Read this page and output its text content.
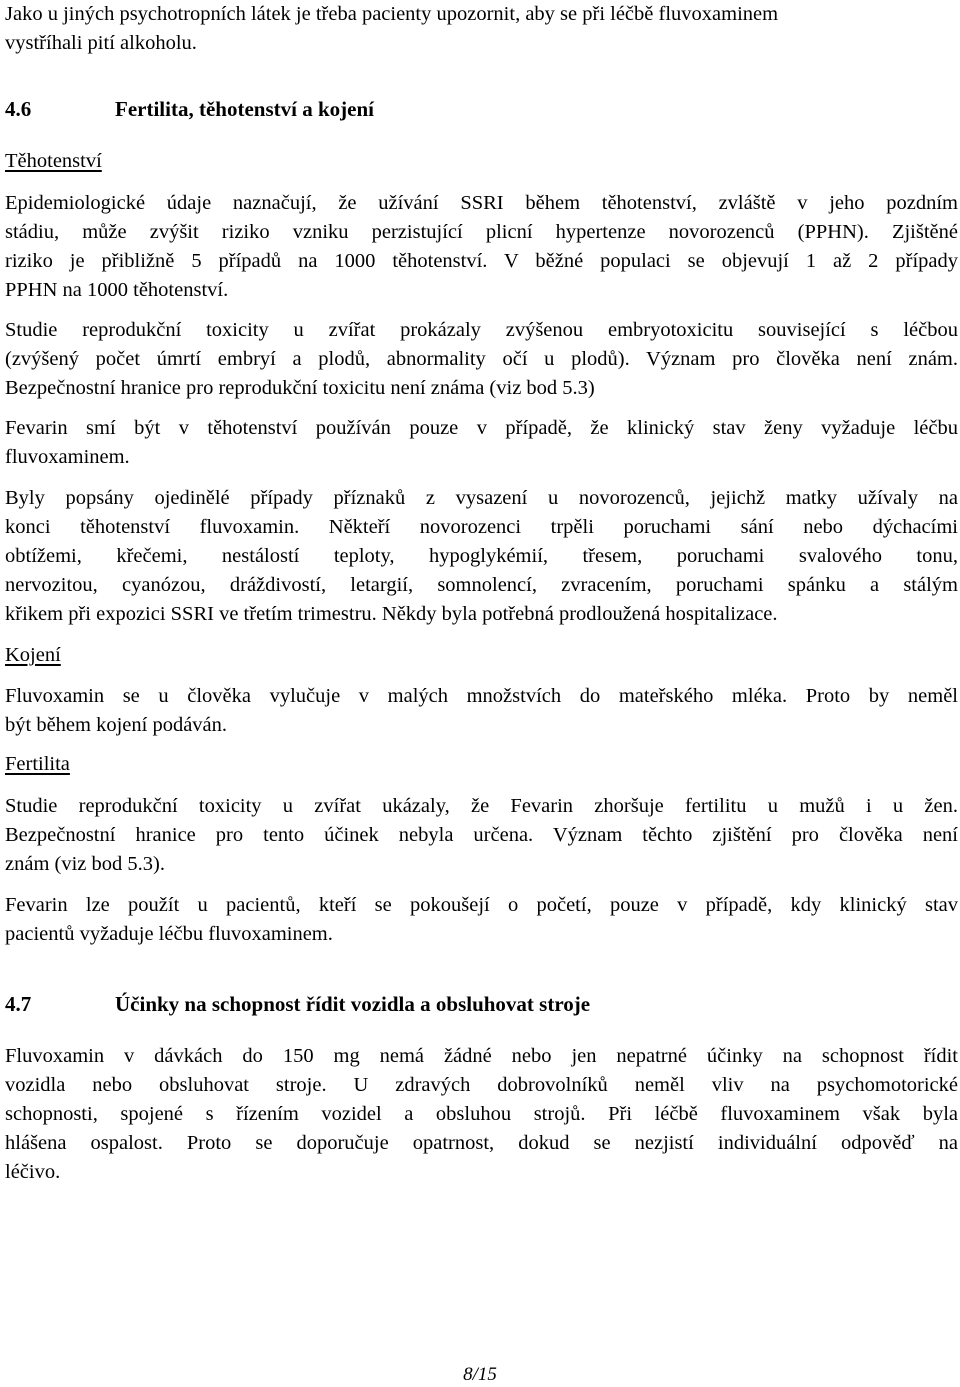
Jako u jiných psychotropních látek je třeba pacienty upozornit, aby se při léčbě fluvoxaminem
vystříhali pití alkoholu.
4.6	Fertilita, těhotenství a kojení
Těhotenství
Epidemiologické údaje naznačují, že užívání SSRI během těhotenství, zvláště v jeho pozdním
stádiu, může zvýšit riziko vzniku perzistující plicní hypertenze novorozenců (PPHN). Zjištěné
riziko je přibližně 5 případů na 1000 těhotenství. V běžné populaci se objevují 1 až 2 případy
PPHN na 1000 těhotenství.
Studie reprodukční toxicity u zvířat prokázaly zvýšenou embryotoxicitu související s léčbou
(zvýšený počet úmrtí embryí a plodů, abnormality očí u plodů). Význam pro člověka není znám.
Bezpečnostní hranice pro reprodukční toxicitu není známa (viz bod 5.3)
Fevarin smí být v těhotenství používán pouze v případě, že klinický stav ženy vyžaduje léčbu
fluvoxaminem.
Byly popsány ojedinělé případy příznaků z vysazení u novorozenců, jejichž matky užívaly na
konci těhotenství fluvoxamin. Někteří novorozenci trpěli poruchami sání nebo dýchacími
obtížemi, křečemi, nestálostí teploty, hypoglykémií, třesem, poruchami svalového tonu,
nervozitou, cyanózou, dráždivostí, letargií, somnolencí, zvracením, poruchami spánku a stálým
křikem při expozici SSRI ve třetím trimestru. Někdy byla potřebná prodloužená hospitalizace.
Kojení
Fluvoxamin se u člověka vylučuje v malých množstvích do mateřského mléka. Proto by neměl
být během kojení podáván.
Fertilita
Studie reprodukční toxicity u zvířat ukázaly, že Fevarin zhoršuje fertilitu u mužů i u žen.
Bezpečnostní hranice pro tento účinek nebyla určena. Význam těchto zjištění pro člověka není
znám (viz bod 5.3).
Fevarin lze použít u pacientů, kteří se pokoušejí o početí, pouze v případě, kdy klinický stav
pacientů vyžaduje léčbu fluvoxaminem.
4.7	Účinky na schopnost řídit vozidla a obsluhovat stroje
Fluvoxamin v dávkách do 150 mg nemá žádné nebo jen nepatrné účinky na schopnost řídit
vozidla nebo obsluhovat stroje. U zdravých dobrovolníků neměl vliv na psychomotorické
schopnosti, spojené s řízením vozidel a obsluhou strojů. Při léčbě fluvoxaminem však byla
hlášena ospalost. Proto se doporučuje opatrnost, dokud se nezjistí individuální odpověď na
léčivo.
8/15
